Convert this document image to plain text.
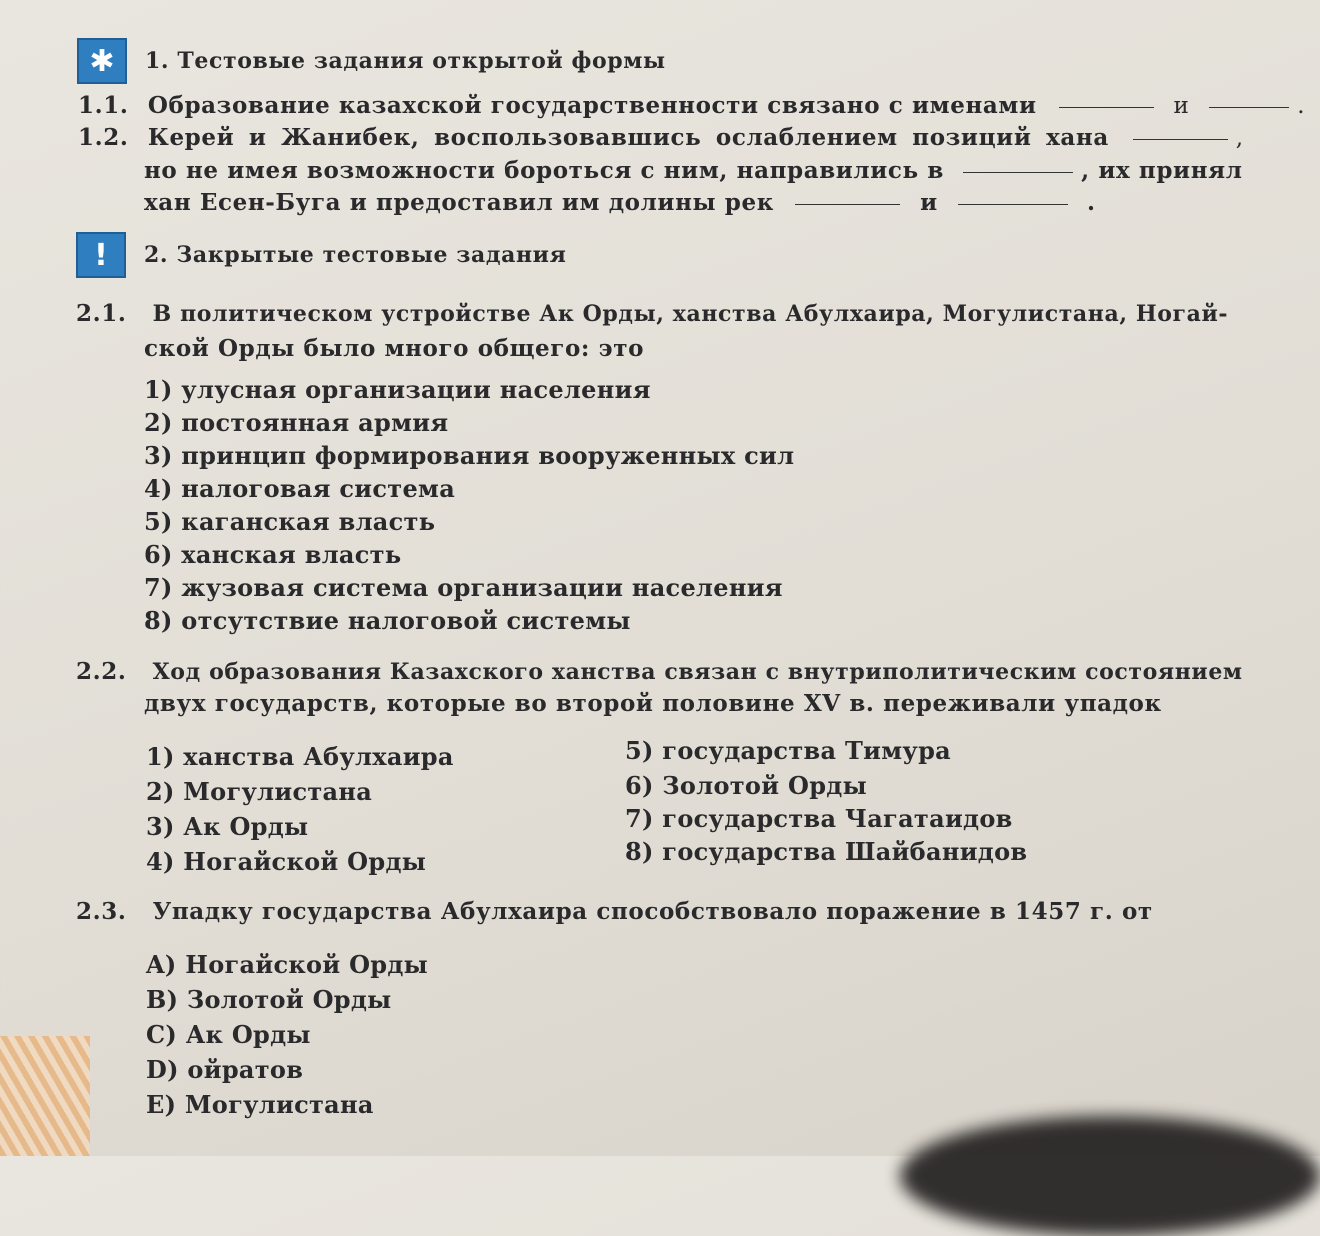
✱	1. Тестовые задания открытой формы
1.1. Образование казахской государственности связано с именами	и	.
1.2. Керей и Жанибек, воспользовавшись ослаблением позиций хана	,
но не имея возможности бороться с ним, направились в	, их принял
хан Есен-Буга и предоставил им долины рек	и	.
!	2. Закрытые тестовые задания
2.1. В политическом устройстве Ак Орды, ханства Абулхаира, Могулистана, Ногай-
ской Орды было много общего: это
1) улусная организации населения
2) постоянная армия
3) принцип формирования вооруженных сил
4) налоговая система
5) каганская власть
6) ханская власть
7) жузовая система организации населения
8) отсутствие налоговой системы
2.2. Ход образования Казахского ханства связан с внутриполитическим состоянием
двух государств, которые во второй половине XV в. переживали упадок
1) ханства Абулхаира
2) Могулистана
3) Ак Орды
4) Ногайской Орды
5) государства Тимура
6) Золотой Орды
7) государства Чагатаидов
8) государства Шайбанидов
2.3. Упадку государства Абулхаира способствовало поражение в 1457 г. от
A) Ногайской Орды
B) Золотой Орды
C) Ак Орды
D) ойратов
E) Могулистана
